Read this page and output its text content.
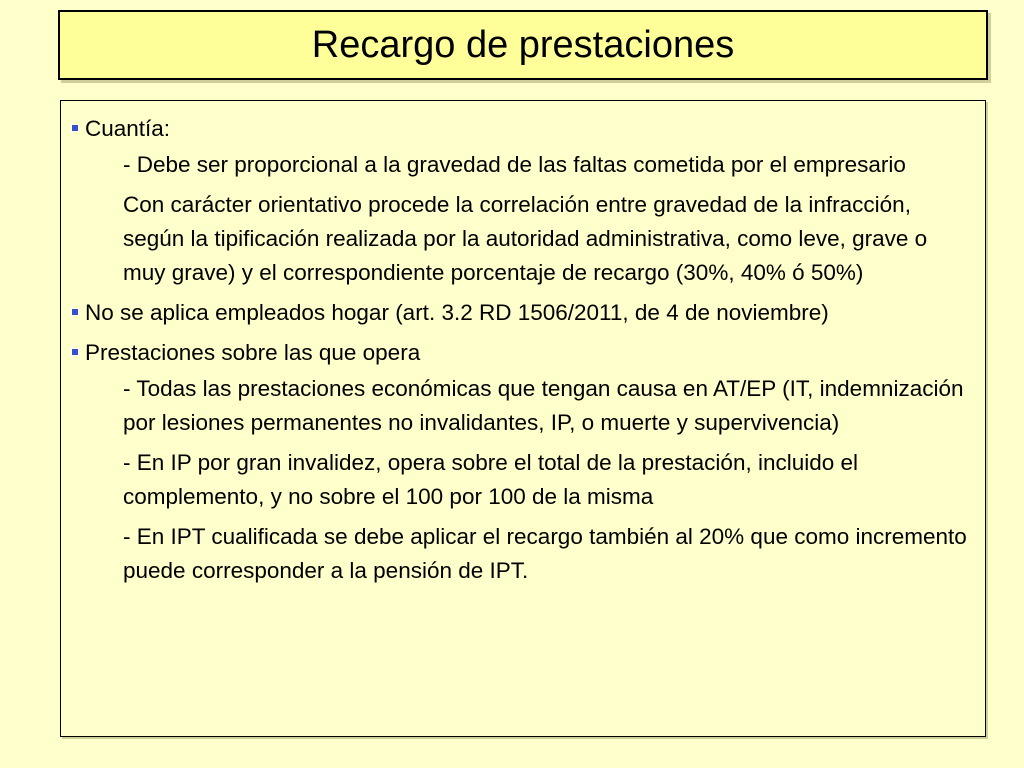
Recargo de prestaciones

Cuantía:

- Debe ser proporcional a la gravedad de las faltas cometida por el empresario

Con carácter orientativo procede la correlación entre gravedad de la infracción, según la tipificación realizada por la autoridad administrativa, como leve, grave o muy grave) y el correspondiente porcentaje de recargo (30%, 40% ó 50%)

No se aplica empleados hogar (art. 3.2 RD 1506/2011, de 4 de noviembre)

Prestaciones sobre las que opera

- Todas las prestaciones económicas que tengan causa en AT/EP (IT, indemnización por lesiones permanentes no invalidantes, IP, o muerte y supervivencia)

- En IP por gran invalidez, opera sobre el total de la prestación, incluido el complemento, y no sobre el 100 por 100 de la misma

- En IPT cualificada se debe aplicar el recargo también al 20% que como incremento puede corresponder a la pensión de IPT.
